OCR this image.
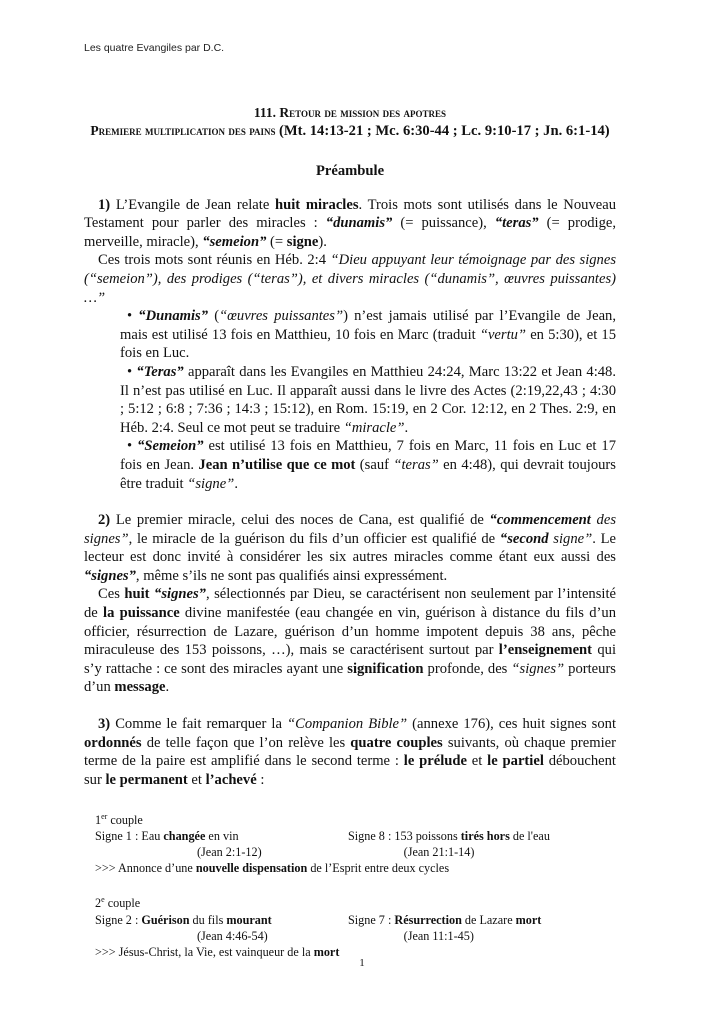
Les quatre Evangiles par D.C.
111. Retour de mission des apotres
Premiere multiplication des pains (Mt. 14:13-21 ; Mc. 6:30-44 ; Lc. 9:10-17 ; Jn. 6:1-14)
Préambule

1) L’Evangile de Jean relate huit miracles. Trois mots sont utilisés dans le Nouveau Testament pour parler des miracles : “dunamis” (= puissance), “teras” (= prodige, merveille, miracle), “semeion” (= signe).

Ces trois mots sont réunis en Héb. 2:4 “Dieu appuyant leur témoignage par des signes (“semeion”), des prodiges (“teras”), et divers miracles (“dunamis”, œuvres puissantes) …”

• “Dunamis” (“œuvres puissantes”) n’est jamais utilisé par l’Evangile de Jean, mais est utilisé 13 fois en Matthieu, 10 fois en Marc (traduit “vertu” en 5:30), et 15 fois en Luc.

• “Teras” apparaît dans les Evangiles en Matthieu 24:24, Marc 13:22 et Jean 4:48. Il n’est pas utilisé en Luc. Il apparaît aussi dans le livre des Actes (2:19,22,43 ; 4:30 ; 5:12 ; 6:8 ; 7:36 ; 14:3 ; 15:12), en Rom. 15:19, en 2 Cor. 12:12, en 2 Thes. 2:9, en Héb. 2:4. Seul ce mot peut se traduire “miracle”.

• “Semeion” est utilisé 13 fois en Matthieu, 7 fois en Marc, 11 fois en Luc et 17 fois en Jean. Jean n’utilise que ce mot (sauf “teras” en 4:48), qui devrait toujours être traduit “signe”.

2) Le premier miracle, celui des noces de Cana, est qualifié de “commencement des signes”, le miracle de la guérison du fils d’un officier est qualifié de “second signe”. Le lecteur est donc invité à considérer les six autres miracles comme étant eux aussi des “signes”, même s’ils ne sont pas qualifiés ainsi expressément.

Ces huit “signes”, sélectionnés par Dieu, se caractérisent non seulement par l’intensité de la puissance divine manifestée (eau changée en vin, guérison à distance du fils d’un officier, résurrection de Lazare, guérison d’un homme impotent depuis 38 ans, pêche miraculeuse des 153 poissons, …), mais se caractérisent surtout par l’enseignement qui s’y rattache : ce sont des miracles ayant une signification profonde, des “signes” porteurs d’un message.

3) Comme le fait remarquer la “Companion Bible” (annexe 176), ces huit signes sont ordonnés de telle façon que l’on relève les quatre couples suivants, où chaque premier terme de la paire est amplifié dans le second terme : le prélude et le partiel débouchent sur le permanent et l’achevé :

1er couple
Signe 1 : Eau changée en vin	Signe 8 : 153 poissons tirés hors de l'eau
(Jean 2:1-12)	(Jean 21:1-14)
>>> Annonce d’une nouvelle dispensation de l’Esprit entre deux cycles
2e couple
Signe 2 : Guérison du fils mourant	Signe 7 : Résurrection de Lazare mort
(Jean 4:46-54)	(Jean 11:1-45)
>>> Jésus-Christ, la Vie, est vainqueur de la mort
1
